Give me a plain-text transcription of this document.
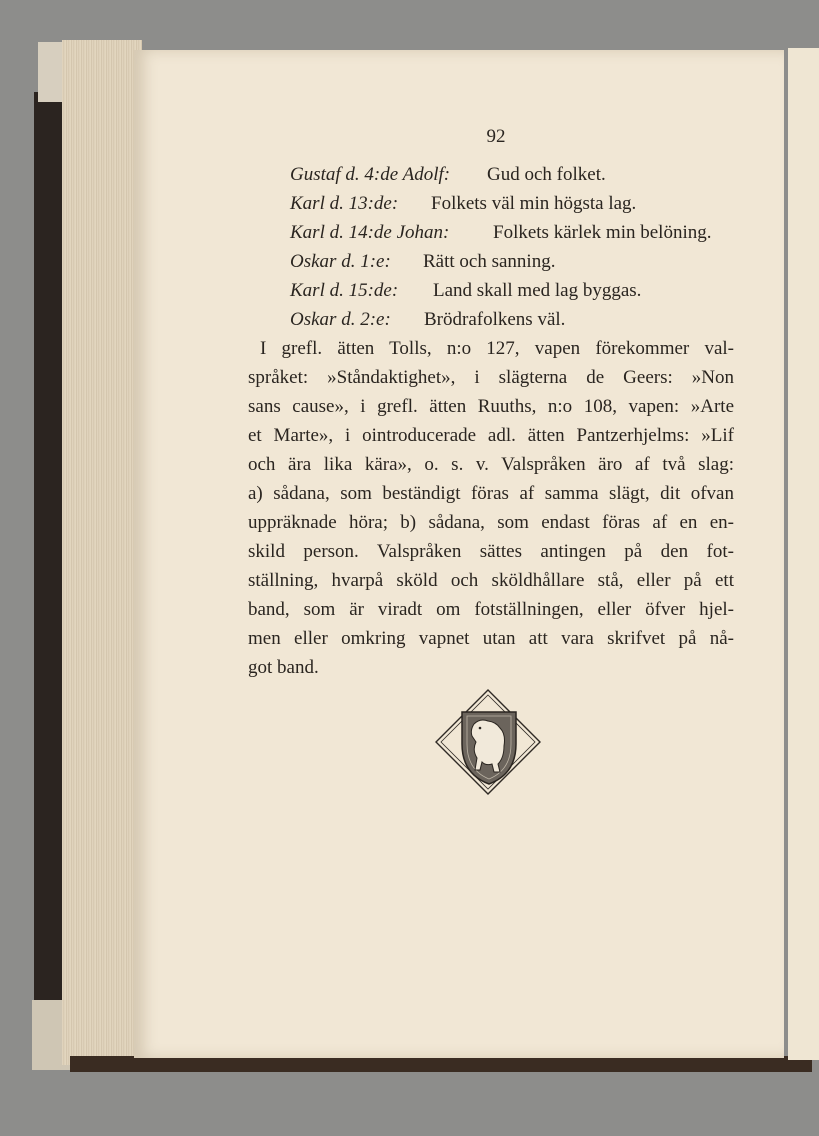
92
Gustaf d. 4:de Adolf: Gud och folket.
Karl d. 13:de: Folkets väl min högsta lag.
Karl d. 14:de Johan: Folkets kärlek min belöning.
Oskar d. 1:e: Rätt och sanning.
Karl d. 15:de: Land skall med lag byggas.
Oskar d. 2:e: Brödrafolkens väl.
I grefl. ätten Tolls, n:o 127, vapen förekommer val-
språket: »Ståndaktighet», i slägterna de Geers: »Non
sans cause», i grefl. ätten Ruuths, n:o 108, vapen: »Arte
et Marte», i ointroducerade adl. ätten Pantzerhjelms: »Lif
och ära lika kära», o. s. v. Valspråken äro af två slag:
a) sådana, som beständigt föras af samma slägt, dit ofvan
uppräknade höra; b) sådana, som endast föras af en en-
skild person. Valspråken sättes antingen på den fot-
ställning, hvarpå sköld och sköldhållare stå, eller på ett
band, som är viradt om fotställningen, eller öfver hjel-
men eller omkring vapnet utan att vara skrifvet på nå-
got band.
